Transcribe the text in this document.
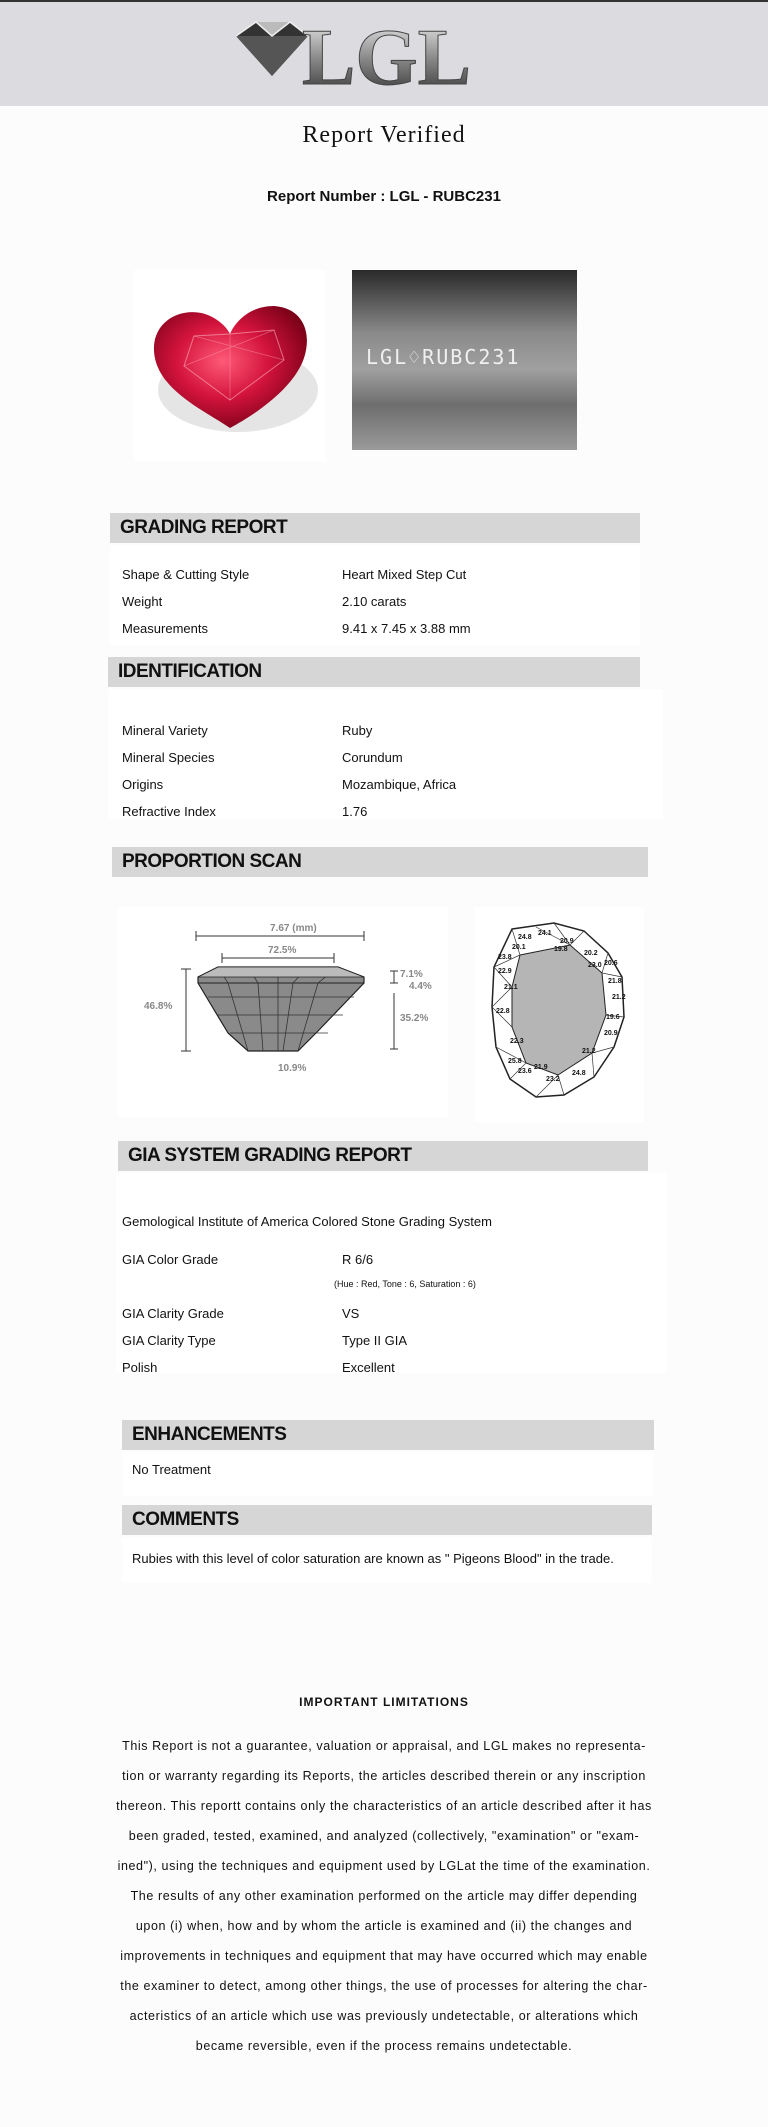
LGL
Report Verified
Report Number : LGL - RUBC231
LGL♢RUBC231
GRADING REPORT
Shape & Cutting Style	Heart Mixed Step Cut
Weight	2.10 carats
Measurements	9.41 x 7.45 x 3.88 mm
IDENTIFICATION
Mineral Variety	Ruby
Mineral Species	Corundum
Origins	Mozambique, Africa
Refractive Index	1.76
PROPORTION SCAN
7.67 (mm)
72.5%
46.8%
7.1%
4.4%
35.2%
10.9%
24.8
24.1
20.9
20.1	19.8
20.2
23.8
23.0
22.9
20.6
21.1
21.8
21.2
22.8
19.6
22.3
20.9
21.2
25.8
24.8
23.6
21.9
23.2
GIA SYSTEM GRADING REPORT
Gemological Institute of America Colored Stone Grading System
GIA Color Grade	R 6/6
(Hue : Red, Tone : 6, Saturation : 6)
GIA Clarity Grade	VS
GIA Clarity Type	Type II GIA
Polish	Excellent
ENHANCEMENTS
No Treatment
COMMENTS
Rubies with this level of color saturation are known as " Pigeons Blood" in the trade.
IMPORTANT LIMITATIONS
This Report is not a guarantee, valuation or appraisal, and LGL makes no representa-
tion or warranty regarding its Reports, the articles described therein or any inscription
thereon. This reportt contains only the characteristics of an article described after it has
been graded, tested, examined, and analyzed (collectively, "examination" or "exam-
ined"), using the techniques and equipment used by LGLat the time of the examination.
The results of any other examination performed on the article may differ depending
upon (i) when, how and by whom the article is examined and (ii) the changes and
improvements in techniques and equipment that may have occurred which may enable
the examiner to detect, among other things, the use of processes for altering the char-
acteristics of an article which use was previously undetectable, or alterations which
became reversible, even if the process remains undetectable.
